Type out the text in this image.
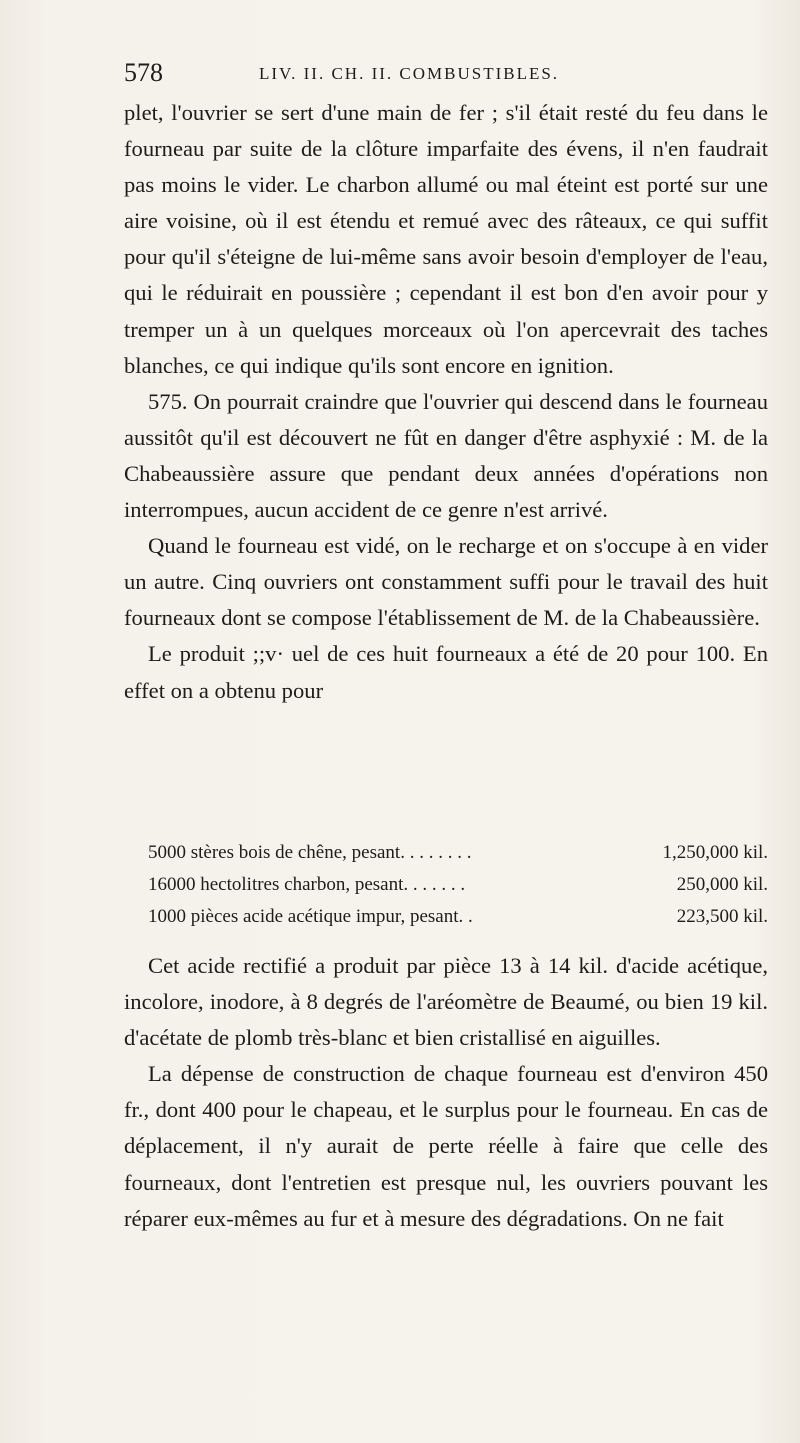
578	LIV. II. CH. II. COMBUSTIBLES.

plet, l'ouvrier se sert d'une main de fer ; s'il était resté du feu dans le fourneau par suite de la clôture imparfaite des évens, il n'en faudrait pas moins le vider. Le charbon allumé ou mal éteint est porté sur une aire voisine, où il est étendu et remué avec des râteaux, ce qui suffit pour qu'il s'éteigne de lui-même sans avoir besoin d'employer de l'eau, qui le réduirait en poussière ; cependant il est bon d'en avoir pour y tremper un à un quelques morceaux où l'on apercevrait des taches blanches, ce qui indique qu'ils sont encore en ignition.

575. On pourrait craindre que l'ouvrier qui descend dans le fourneau aussitôt qu'il est découvert ne fût en danger d'être asphyxié : M. de la Chabeaussière assure que pendant deux années d'opérations non interrompues, aucun accident de ce genre n'est arrivé.

Quand le fourneau est vidé, on le recharge et on s'occupe à en vider un autre. Cinq ouvriers ont constamment suffi pour le travail des huit fourneaux dont se compose l'établissement de M. de la Chabeaussière.

Le produit ;;v· uel de ces huit fourneaux a été de 20 pour 100. En effet on a obtenu pour

5000 stères bois de chêne, pesant. . . . . . . .	1,250,000 kil.
16000 hectolitres charbon, pesant. . . . . . .	250,000 kil.
1000 pièces acide acétique impur, pesant. .	223,500 kil.

Cet acide rectifié a produit par pièce 13 à 14 kil. d'acide acétique, incolore, inodore, à 8 degrés de l'aréomètre de Beaumé, ou bien 19 kil. d'acétate de plomb très-blanc et bien cristallisé en aiguilles.

La dépense de construction de chaque fourneau est d'environ 450 fr., dont 400 pour le chapeau, et le surplus pour le fourneau. En cas de déplacement, il n'y aurait de perte réelle à faire que celle des fourneaux, dont l'entretien est presque nul, les ouvriers pouvant les réparer eux-mêmes au fur et à mesure des dégradations. On ne fait
